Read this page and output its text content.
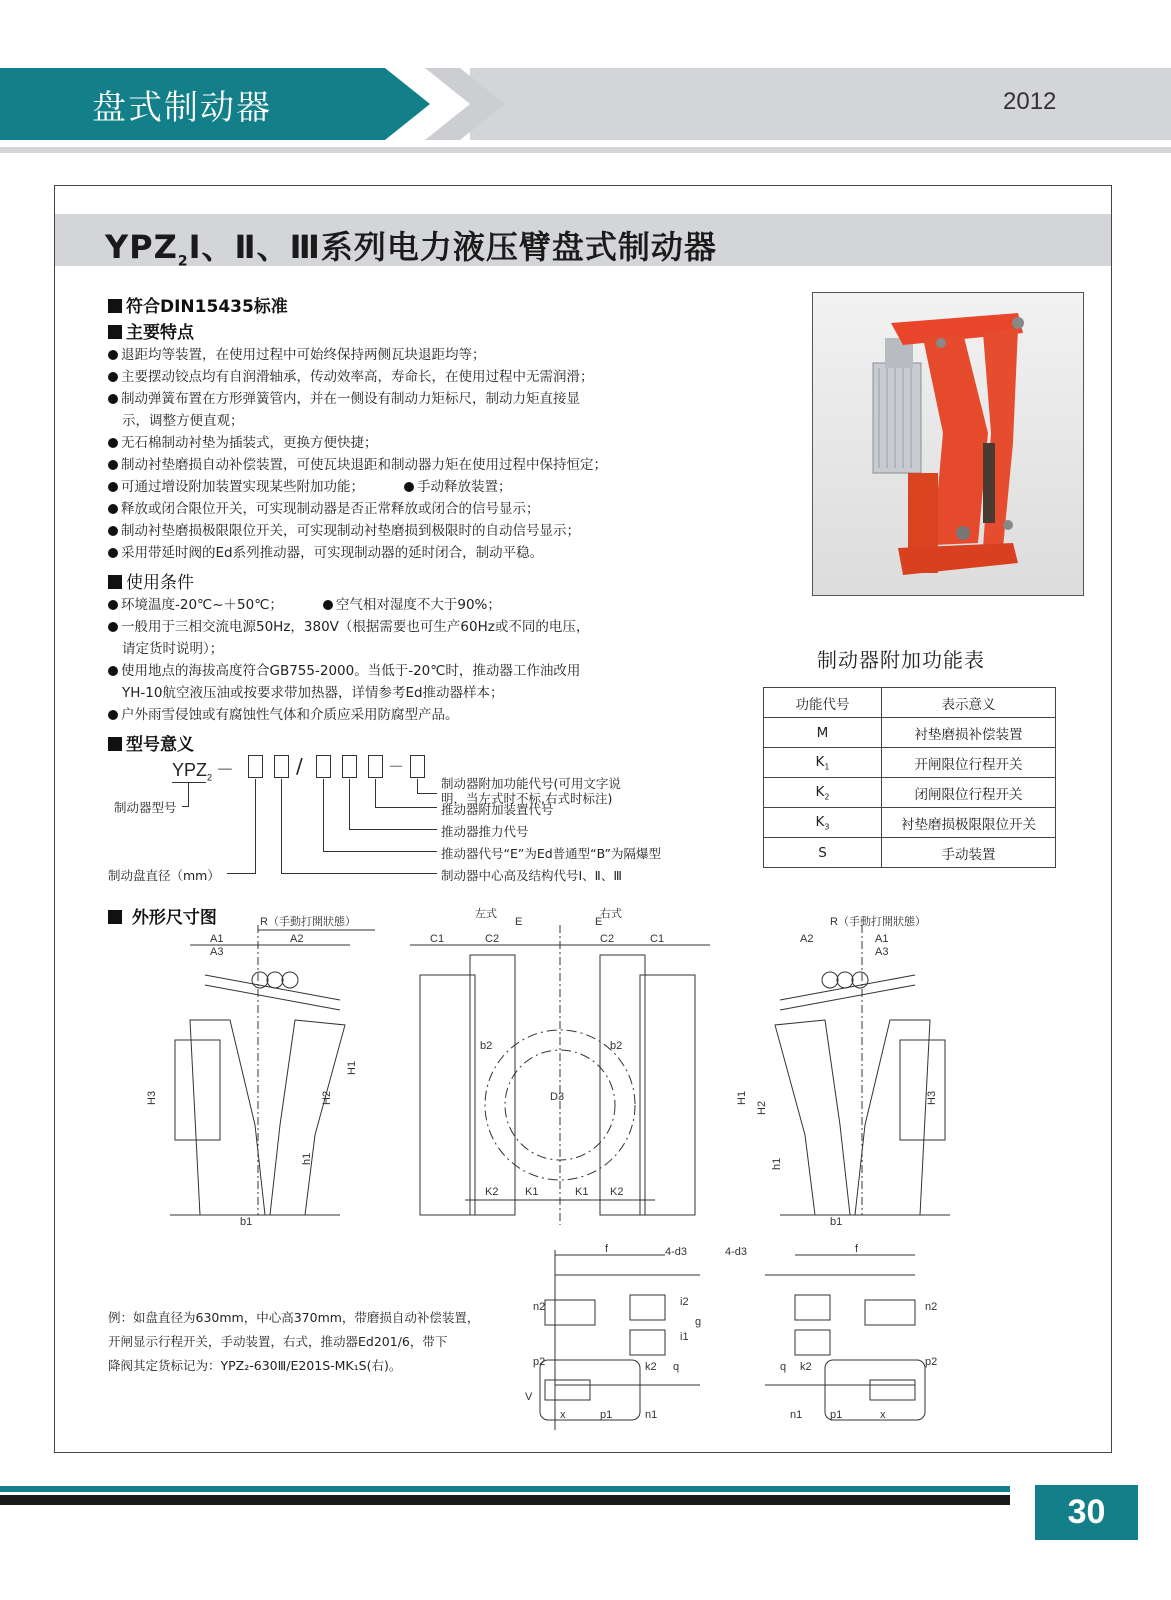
盘式制动器	2012
$YPZ_2Ⅰ$、Ⅱ、Ⅲ系列电力液压臂盘式制动器
符合DIN15435标准
主要特点
退距均等装置，在使用过程中可始终保持两侧瓦块退距均等；
主要摆动铰点均有自润滑轴承，传动效率高，寿命长，在使用过程中无需润滑；
制动弹簧布置在方形弹簧管内，并在一侧设有制动力矩标尺，制动力矩直接显
示，调整方便直观；
无石棉制动衬垫为插装式，更换方便快捷；
制动衬垫磨损自动补偿装置，可使瓦块退距和制动器力矩在使用过程中保持恒定；
可通过增设附加装置实现某些附加功能；	手动释放装置；
释放或闭合限位开关，可实现制动器是否正常释放或闭合的信号显示；
制动衬垫磨损极限限位开关，可实现制动衬垫磨损到极限时的自动信号显示；
采用带延时阀的Ed系列推动器，可实现制动器的延时闭合，制动平稳。
使用条件
环境温度-20℃~＋50℃；	空气相对湿度不大于90%；
一般用于三相交流电源50Hz，380V（根据需要也可生产60Hz或不同的电压，
请定货时说明）；
使用地点的海拔高度符合GB755-2000。当低于-20℃时，推动器工作油改用
YH-10航空液压油或按要求带加热器，详情参考Ed推动器样本；
户外雨雪侵蚀或有腐蚀性气体和介质应采用防腐型产品。
型号意义
$YPZ_2$ －	/	－
制动器型号
制动器附加功能代号(可用文字说
明，当左式时不标,右式时标注)
推动器附加装置代号
推动器推力代号
推动器代号“E”为Ed普通型“B”为隔爆型
制动盘直径（mm）	制动器中心高及结构代号Ⅰ、Ⅱ、Ⅲ
制动器附加功能表
功能代号	表示意义
M	衬垫磨损补偿装置
$K_1$	开闸限位行程开关
$K_2$	闭闸限位行程开关
$K_3$	衬垫磨损极限限位开关
S	手动装置
外形尺寸图	R（手動打開狀態）
A1	A2
A3
H3
H1
H2
h1
b1
左式	右式
C1	C2
E	E
C2	C1
D3
b2	b2
K2 K1	K1 K2
R（手動打開狀態）
A2	A1
A3
H1
H2
H3
h1
b1
f	4-d3	4-d3	f
n2
p2
V
i2
i1
g
k2 q
x	p1	n1	n1	p1	x
k2
q
n2
p2
例：如盘直径为630mm，中心高370mm，带磨损自动补偿装置，
开闸显示行程开关，手动装置，右式，推动器Ed201/6，带下
降阀其定货标记为：YPZ₂-630Ⅲ/E201S-MK₁S(右)。
30
